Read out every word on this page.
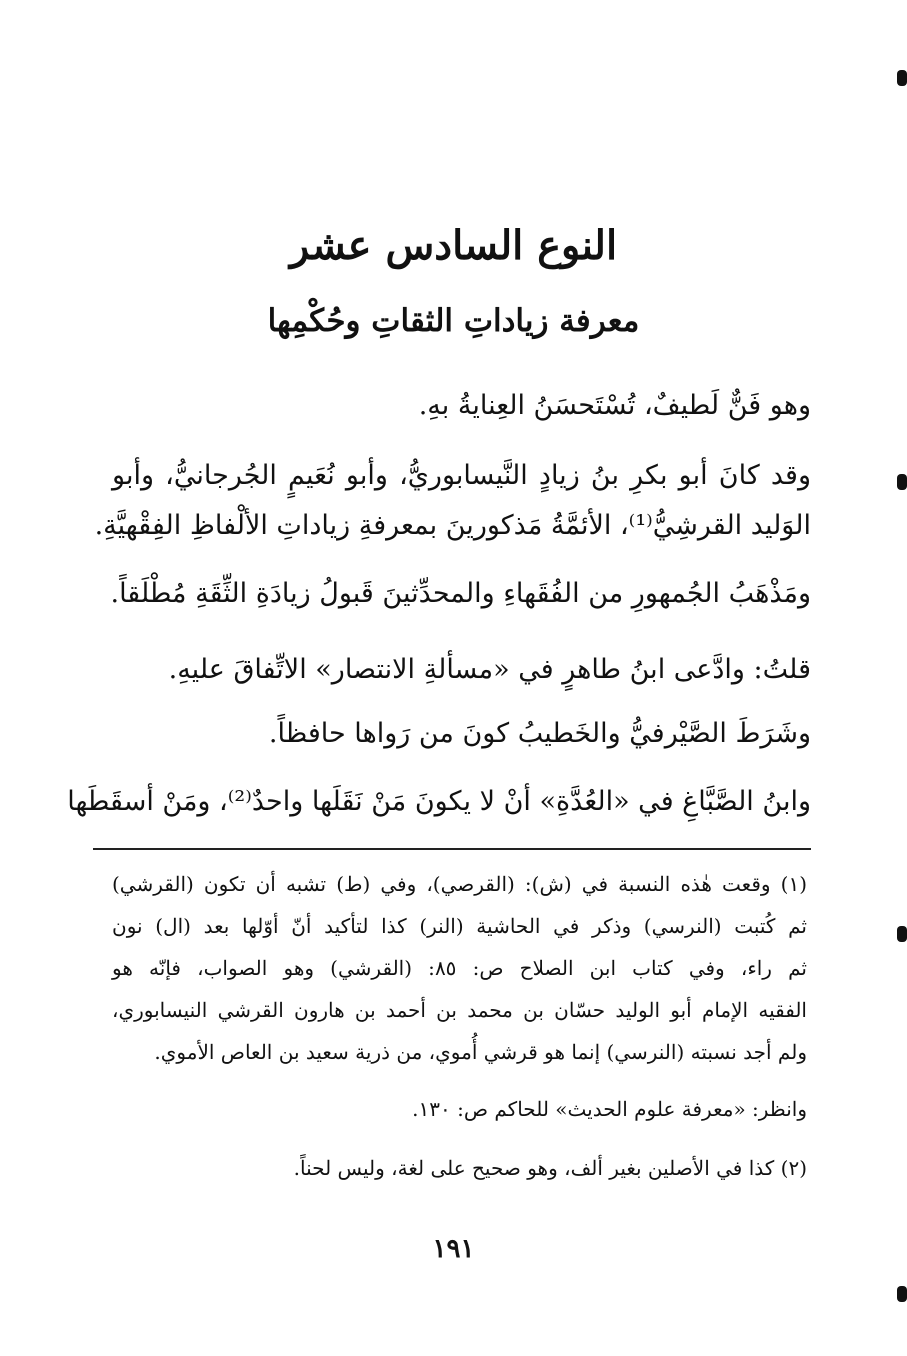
النوع السادس عشر
معرفة زياداتِ الثقاتِ وحُكْمِها
وهو فَنٌّ لَطيفٌ، تُسْتَحسَنُ العِنايةُ بهِ.
وقد كانَ أبو بكرِ بنُ زيادٍ النَّيسابوريُّ، وأبو نُعَيمٍ الجُرجانيُّ، وأبو
الوَليد القرشِيُّ⁽¹⁾، الأئمَّةُ مَذكورينَ بمعرفةِ زياداتِ الألْفاظِ الفِقْهيَّةِ.
ومَذْهَبُ الجُمهورِ من الفُقَهاءِ والمحدِّثينَ قَبولُ زيادَةِ الثِّقَةِ مُطْلَقاً.
قلتُ: وادَّعى ابنُ طاهرٍ في «مسألةِ الانتصار» الاتِّفاقَ عليهِ.
وشَرَطَ الصَّيْرفيُّ والخَطيبُ كونَ من رَواها حافظاً.
وابنُ الصَّبَّاغِ في «العُدَّةِ» أنْ لا يكونَ مَنْ نَقَلَها واحدٌ⁽²⁾، ومَنْ أسقَطَها
(١) وقعت هٰذه النسبة في (ش): (القرصي)، وفي (ط) تشبه أن تكون (القرشي)
ثم كُتبت (النرسي) وذكر في الحاشية (النر) كذا لتأكيد أنّ أوّلها بعد (ال) نون
ثم راء، وفي كتاب ابن الصلاح ص: ٨٥: (القرشي) وهو الصواب، فإنّه هو
الفقيه الإمام أبو الوليد حسّان بن محمد بن أحمد بن هارون القرشي النيسابوري،
ولم أجد نسبته (النرسي) إنما هو قرشي أُموي، من ذرية سعيد بن العاص الأموي.
وانظر: «معرفة علوم الحديث» للحاكم ص: ١٣٠.
(٢) كذا في الأصلين بغير ألف، وهو صحيح على لغة، وليس لحناً.
١٩١
